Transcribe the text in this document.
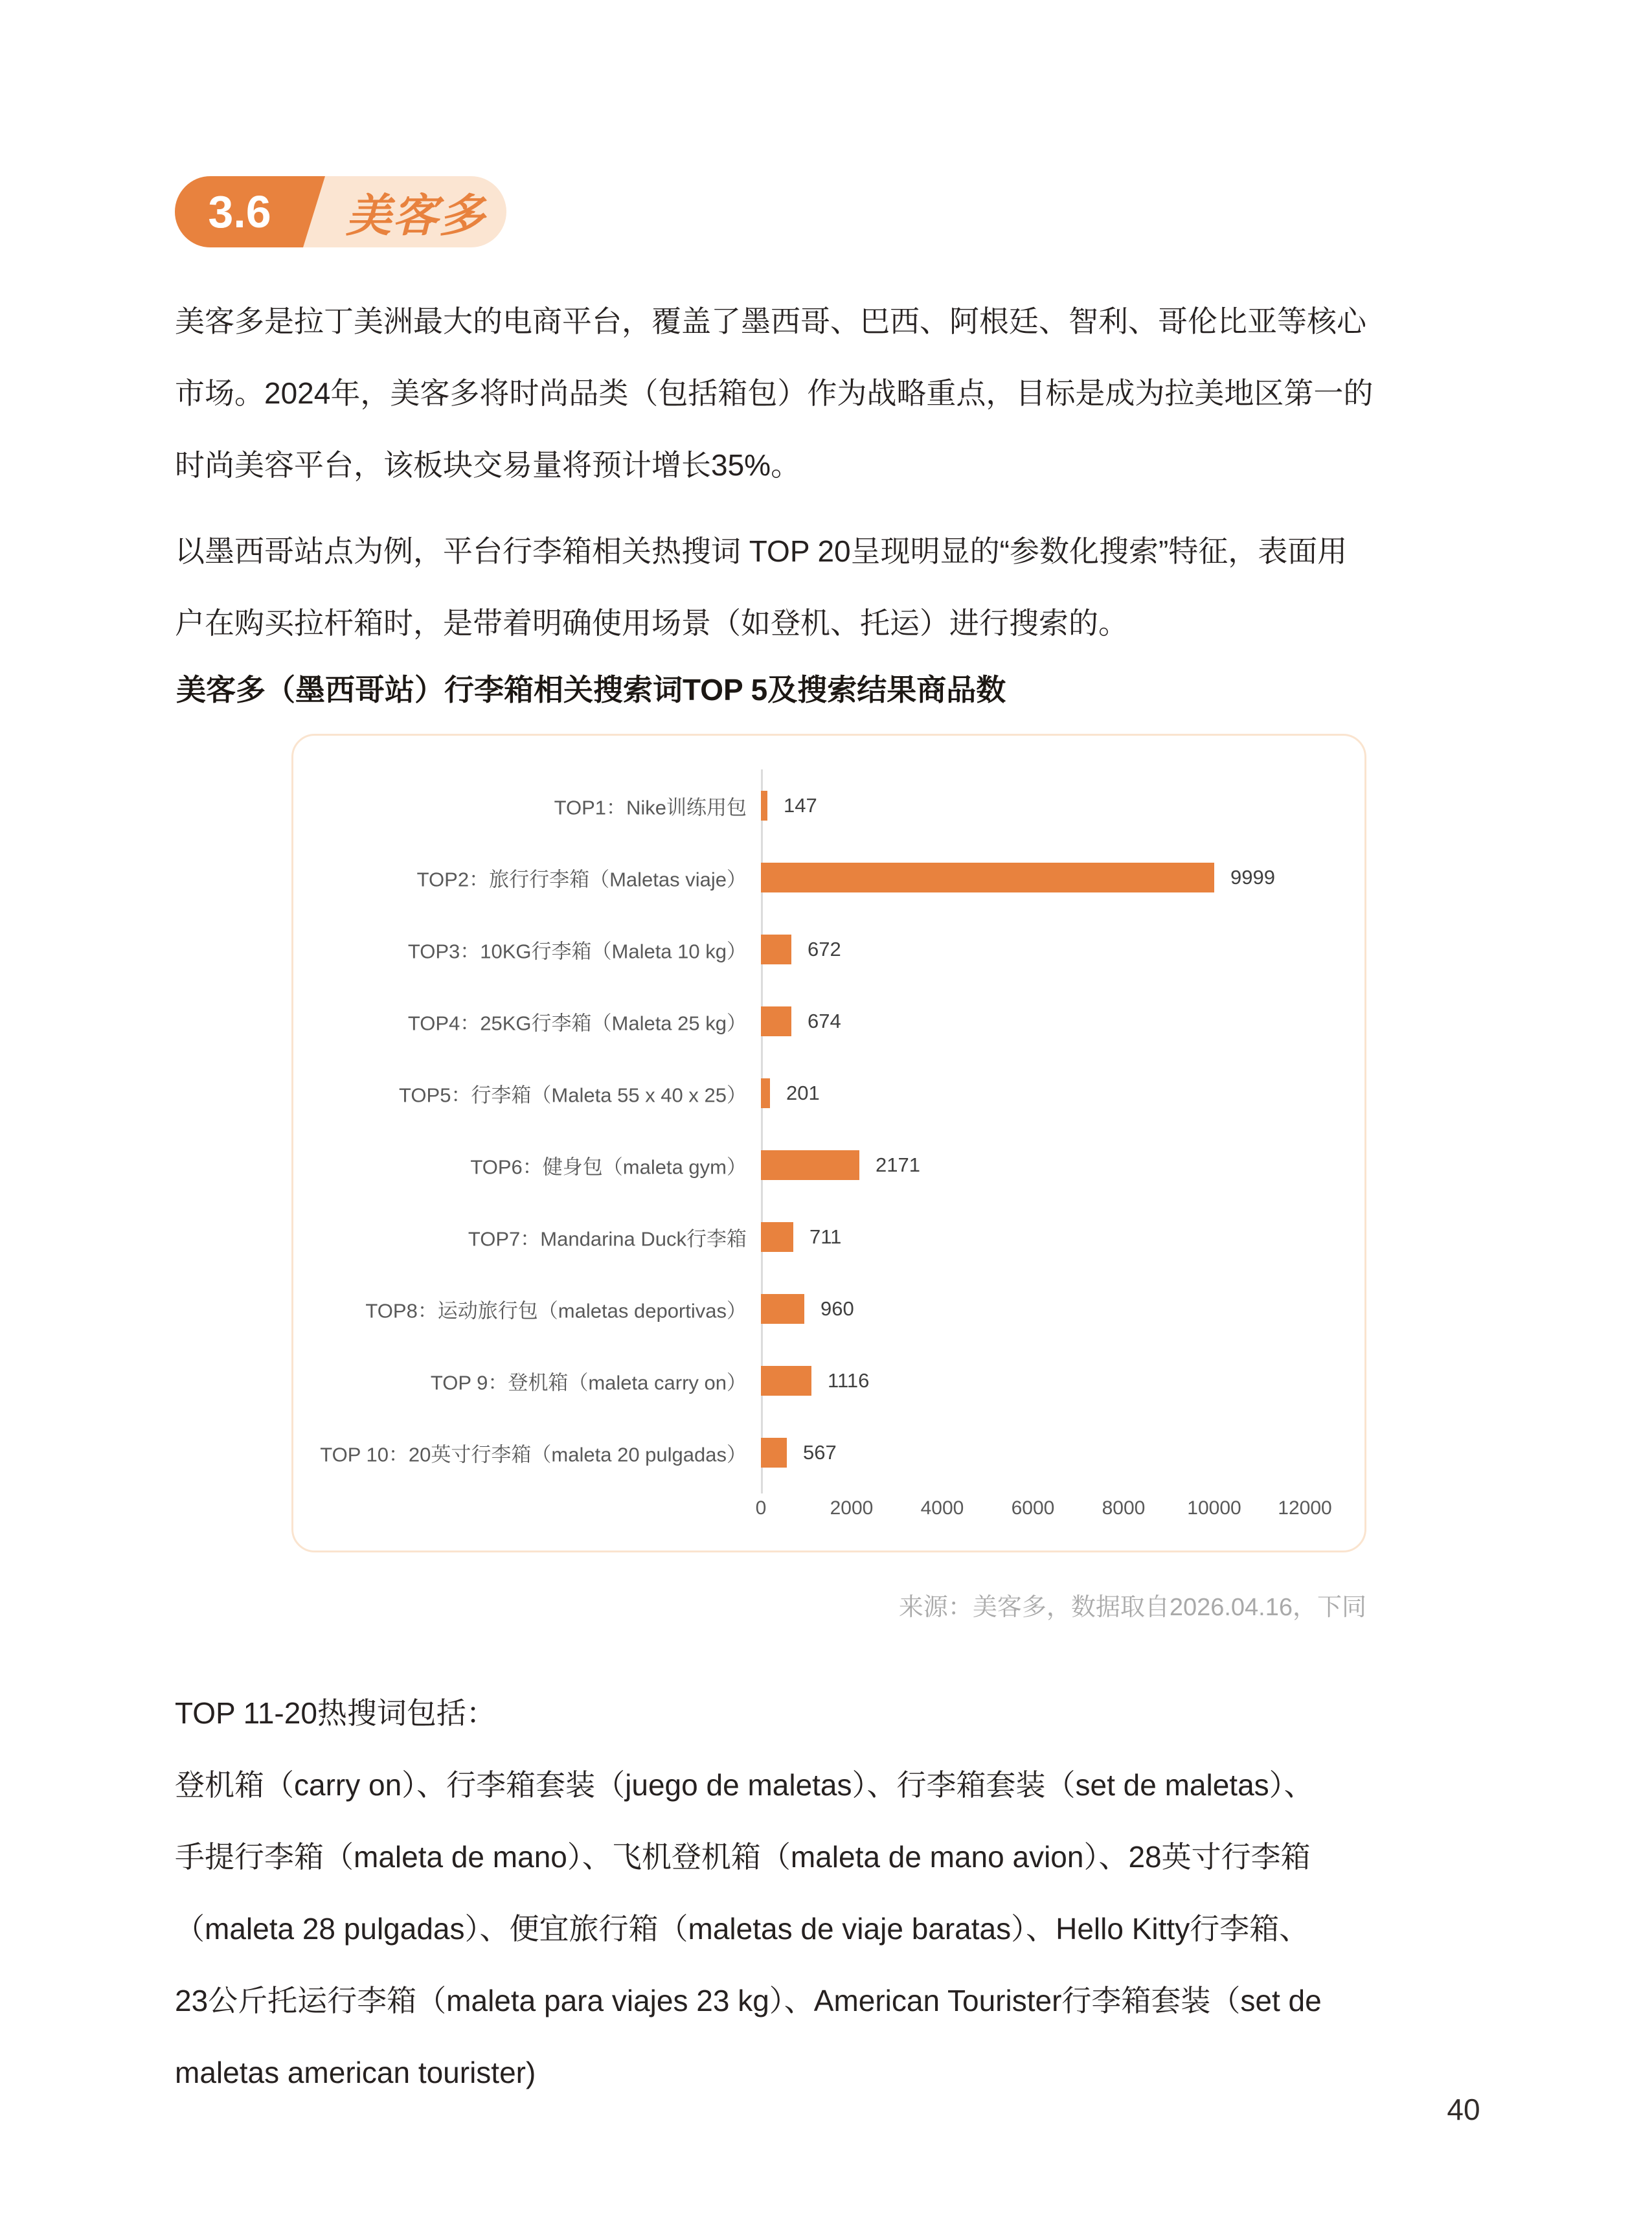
3.6	美客多
美客多是拉丁美洲最大的电商平台，覆盖了墨西哥、巴西、阿根廷、智利、哥伦比亚等核心
市场。2024年，美客多将时尚品类（包括箱包）作为战略重点，目标是成为拉美地区第一的
时尚美容平台，该板块交易量将预计增长35%。
以墨西哥站点为例，平台行李箱相关热搜词 TOP 20呈现明显的“参数化搜索”特征，表面用
户在购买拉杆箱时，是带着明确使用场景（如登机、托运）进行搜索的。
美客多（墨西哥站）行李箱相关搜索词TOP 5及搜索结果商品数
TOP1：Nike训练用包 147
TOP2：旅行行李箱（Maletas viaje）	9999
TOP3：10KG行李箱（Maleta 10 kg）	672
TOP4：25KG行李箱（Maleta 25 kg）	674
TOP5：行李箱（Maleta 55 x 40 x 25） 201
TOP6：健身包（maleta gym）	2171
TOP7：Mandarina Duck行李箱	711
TOP8：运动旅行包（maletas deportivas）	960
TOP 9：登机箱（maleta carry on）	1116
TOP 10：20英寸行李箱（maleta 20 pulgadas）	567
0	2000 4000 6000 8000 10000 12000
来源：美客多，数据取自2026.04.16，下同
TOP 11-20热搜词包括：
登机箱（carry on）、行李箱套装（juego de maletas）、行李箱套装（set de maletas）、
手提行李箱（maleta de mano）、飞机登机箱（maleta de mano avion）、28英寸行李箱
（maleta 28 pulgadas）、便宜旅行箱（maletas de viaje baratas）、Hello Kitty行李箱、
23公斤托运行李箱（maleta para viajes 23 kg）、American Tourister行李箱套装（set de
maletas american tourister)
40
